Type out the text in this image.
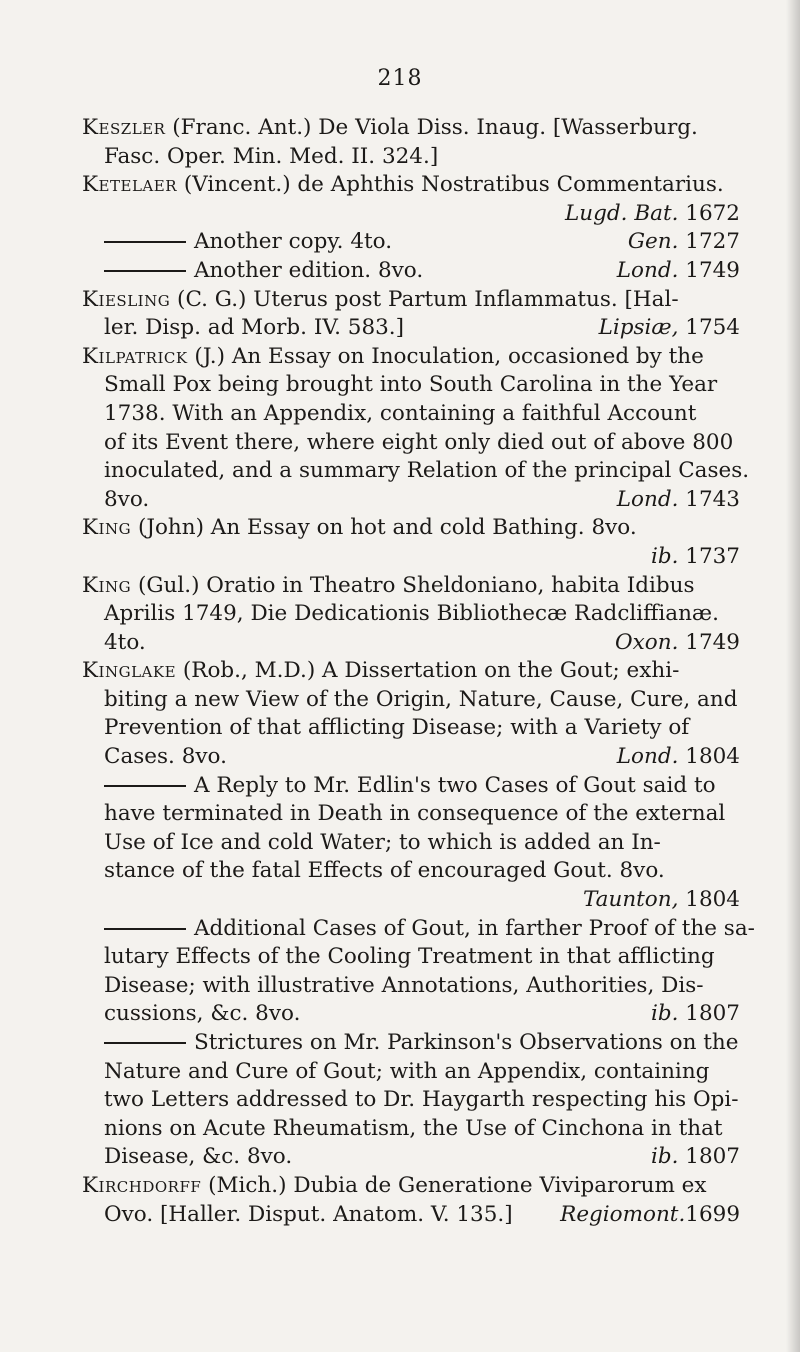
218
Keszler (Franc. Ant.) De Viola Diss. Inaug. [Wasserburg.
Fasc. Oper. Min. Med. II. 324.]
Ketelaer (Vincent.) de Aphthis Nostratibus Commentarius.
Lugd. Bat. 1672
Another copy. 4to.	Gen. 1727
Another edition. 8vo.	Lond. 1749
Kiesling (C. G.) Uterus post Partum Inflammatus. [Hal-
ler. Disp. ad Morb. IV. 583.]	Lipsiæ, 1754
Kilpatrick (J.) An Essay on Inoculation, occasioned by the
Small Pox being brought into South Carolina in the Year
1738. With an Appendix, containing a faithful Account
of its Event there, where eight only died out of above 800
inoculated, and a summary Relation of the principal Cases.
8vo.	Lond. 1743
King (John) An Essay on hot and cold Bathing. 8vo.
ib. 1737
King (Gul.) Oratio in Theatro Sheldoniano, habita Idibus
Aprilis 1749, Die Dedicationis Bibliothecæ Radcliffianæ.
4to.	Oxon. 1749
Kinglake (Rob., M.D.) A Dissertation on the Gout; exhi-
biting a new View of the Origin, Nature, Cause, Cure, and
Prevention of that afflicting Disease; with a Variety of
Cases. 8vo.	Lond. 1804
A Reply to Mr. Edlin's two Cases of Gout said to
have terminated in Death in consequence of the external
Use of Ice and cold Water; to which is added an In-
stance of the fatal Effects of encouraged Gout. 8vo.
Taunton, 1804
Additional Cases of Gout, in farther Proof of the sa-
lutary Effects of the Cooling Treatment in that afflicting
Disease; with illustrative Annotations, Authorities, Dis-
cussions, &c. 8vo.	ib. 1807
Strictures on Mr. Parkinson's Observations on the
Nature and Cure of Gout; with an Appendix, containing
two Letters addressed to Dr. Haygarth respecting his Opi-
nions on Acute Rheumatism, the Use of Cinchona in that
Disease, &c. 8vo.	ib. 1807
Kirchdorff (Mich.) Dubia de Generatione Viviparorum ex
Ovo. [Haller. Disput. Anatom. V. 135.] Regiomont.1699
